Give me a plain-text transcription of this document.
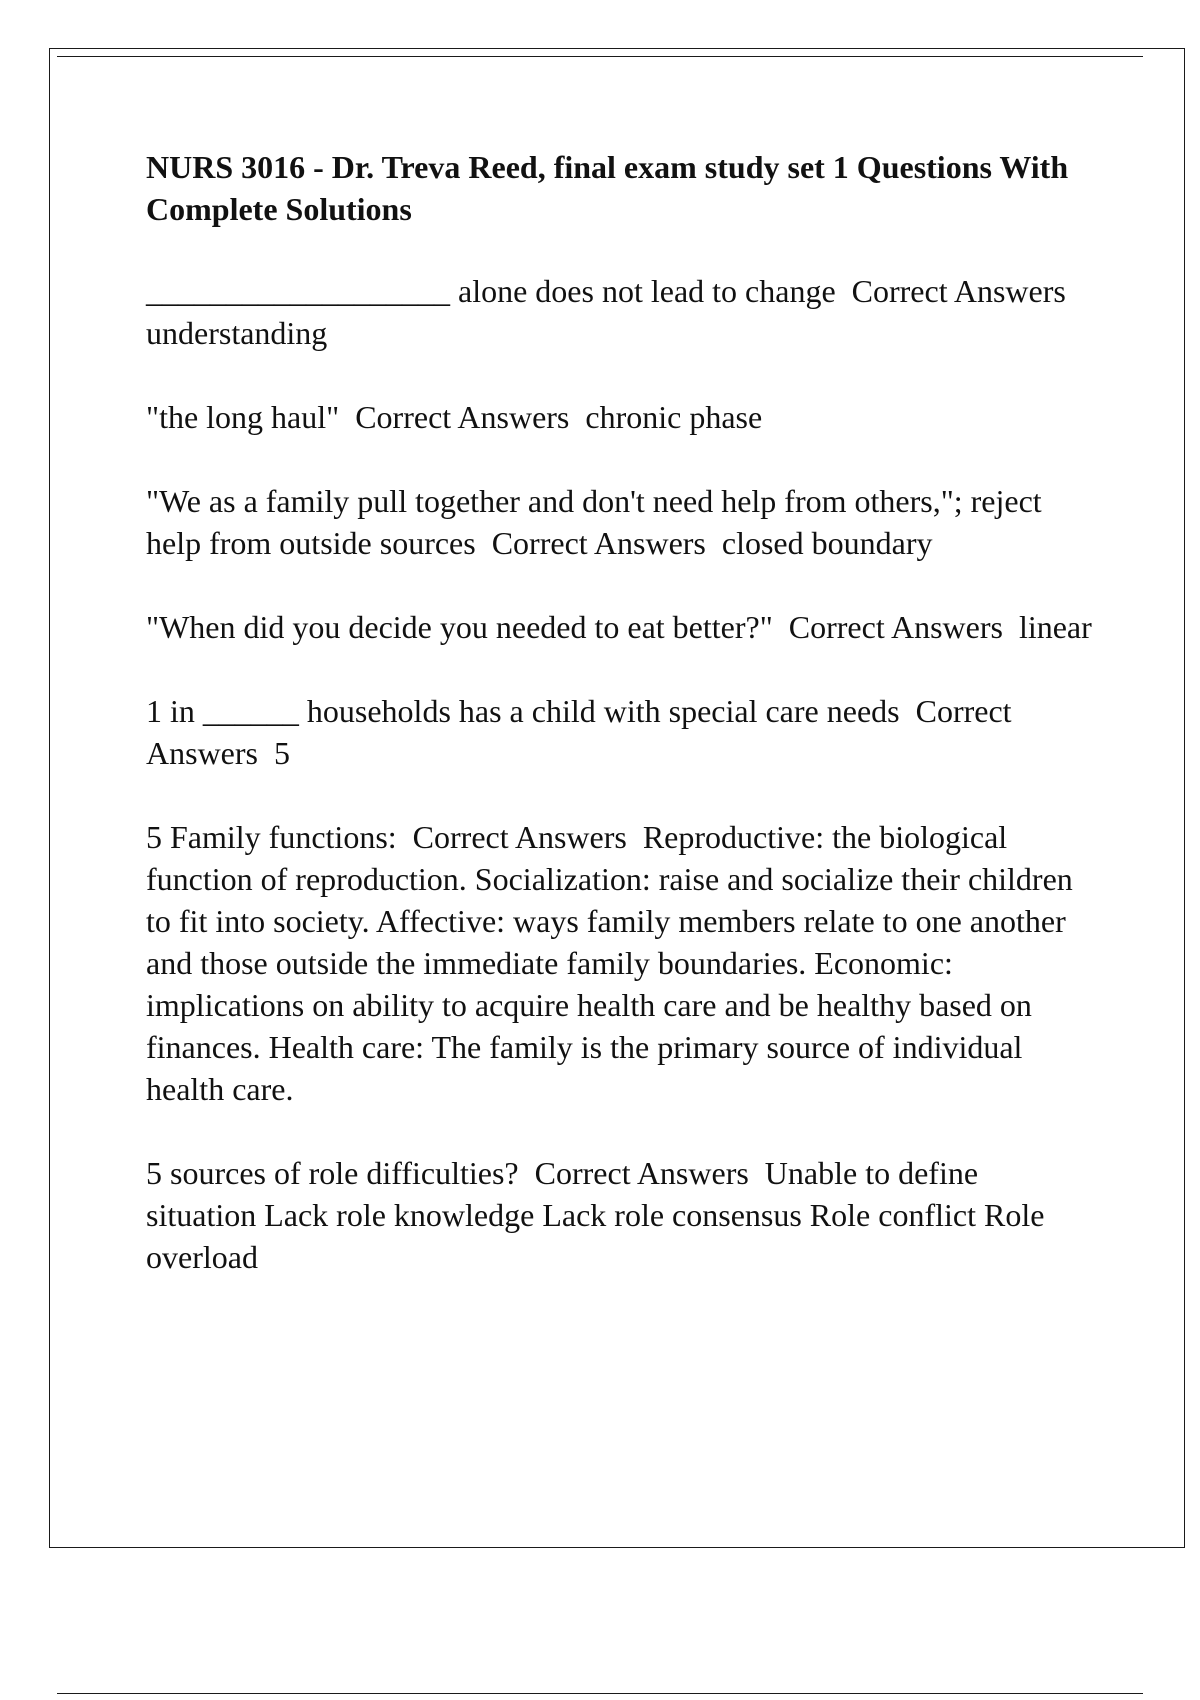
NURS 3016 - Dr. Treva Reed, final exam study set 1 Questions With Complete Solutions

___________________ alone does not lead to change  Correct Answers  understanding

"the long haul"  Correct Answers  chronic phase

"We as a family pull together and don't need help from others,"; reject help from outside sources  Correct Answers  closed boundary

"When did you decide you needed to eat better?"  Correct Answers  linear

1 in ______ households has a child with special care needs  Correct Answers  5

5 Family functions:  Correct Answers  Reproductive: the biological function of reproduction. Socialization: raise and socialize their children to fit into society. Affective: ways family members relate to one another and those outside the immediate family boundaries. Economic: implications on ability to acquire health care and be healthy based on finances. Health care: The family is the primary source of individual health care.

5 sources of role difficulties?  Correct Answers  Unable to define situation Lack role knowledge Lack role consensus Role conflict Role overload
